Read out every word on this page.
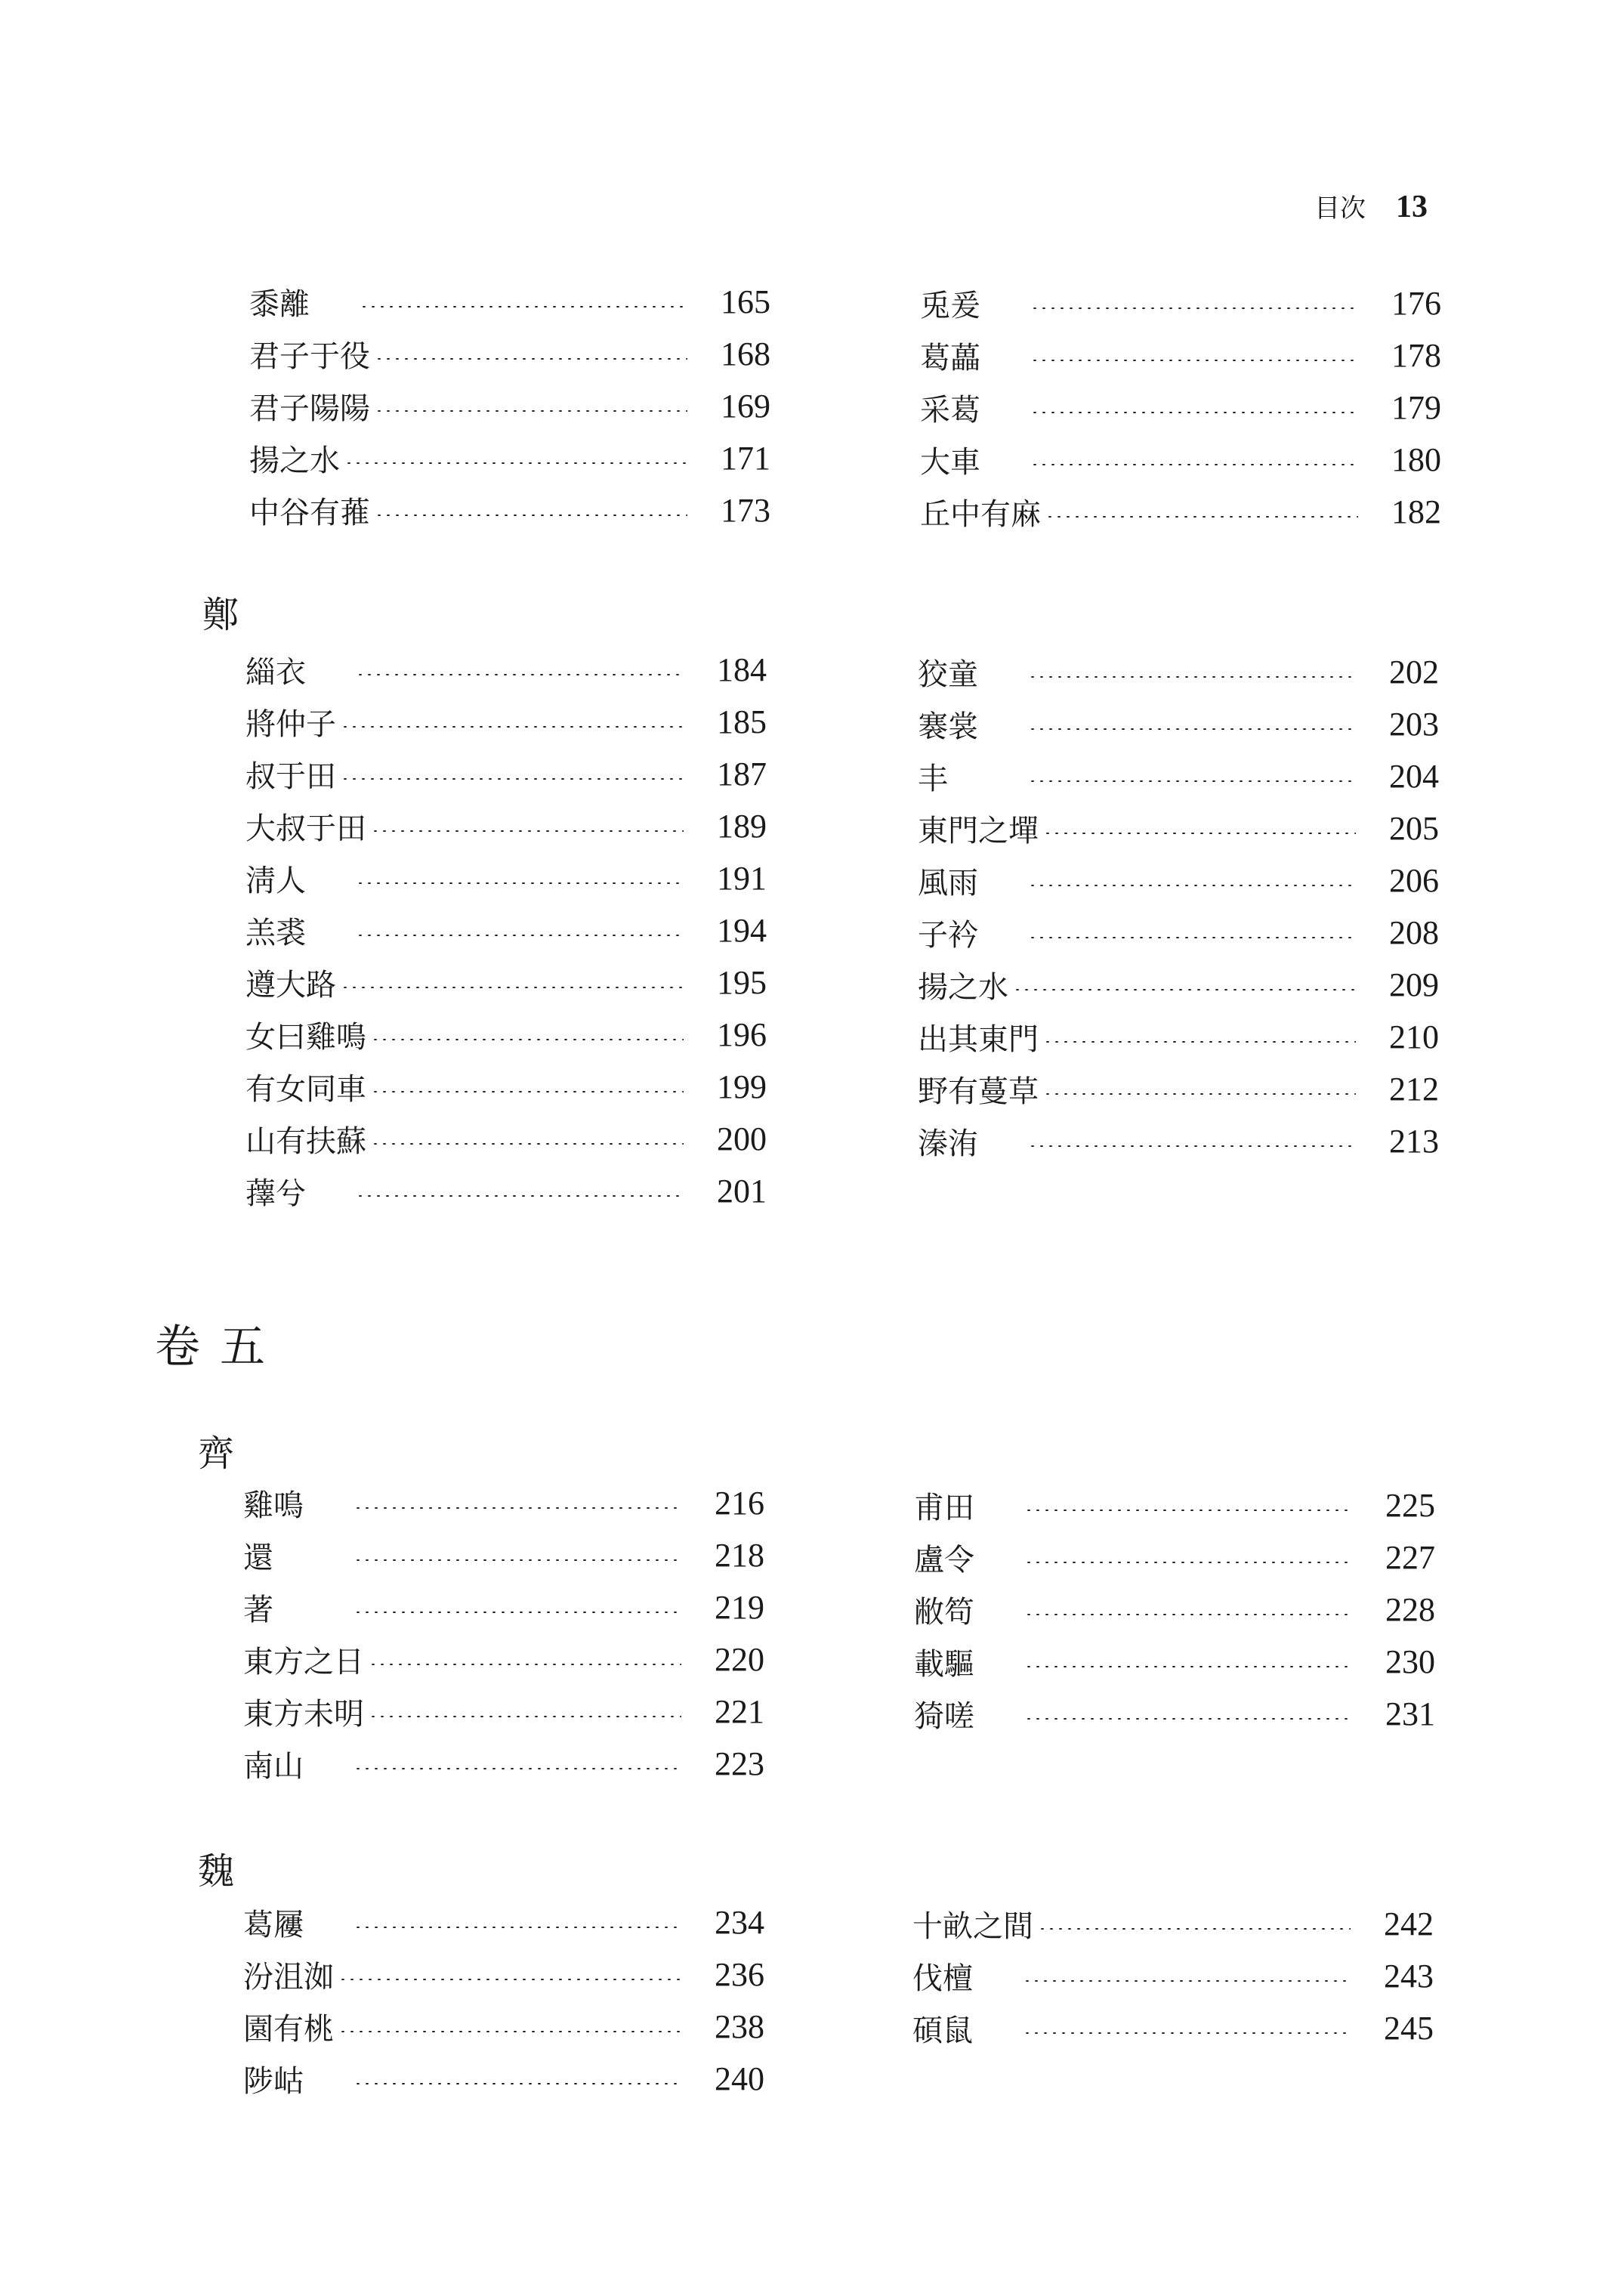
目次 13
黍離	165
君子于役	168
君子陽陽	169
揚之水	171
中谷有蓷	173
兎爰	176
葛藟	178
采葛	179
大車	180
丘中有麻	182
鄭
緇衣	184
將仲子	185
叔于田	187
大叔于田	189
淸人	191
羔裘	194
遵大路	195
女曰雞鳴	196
有女同車	199
山有扶蘇	200
蘀兮	201
狡童	202
褰裳	203
丰	204
東門之墠	205
風雨	206
子衿	208
揚之水	209
出其東門	210
野有蔓草	212
溱洧	213
卷五
齊
雞鳴	216
還	218
著	219
東方之日	220
東方未明	221
南山	223
甫田	225
盧令	227
敝笱	228
載驅	230
猗嗟	231
魏
葛屨	234
汾沮洳	236
園有桃	238
陟岵	240
十畝之間	242
伐檀	243
碩鼠	245
